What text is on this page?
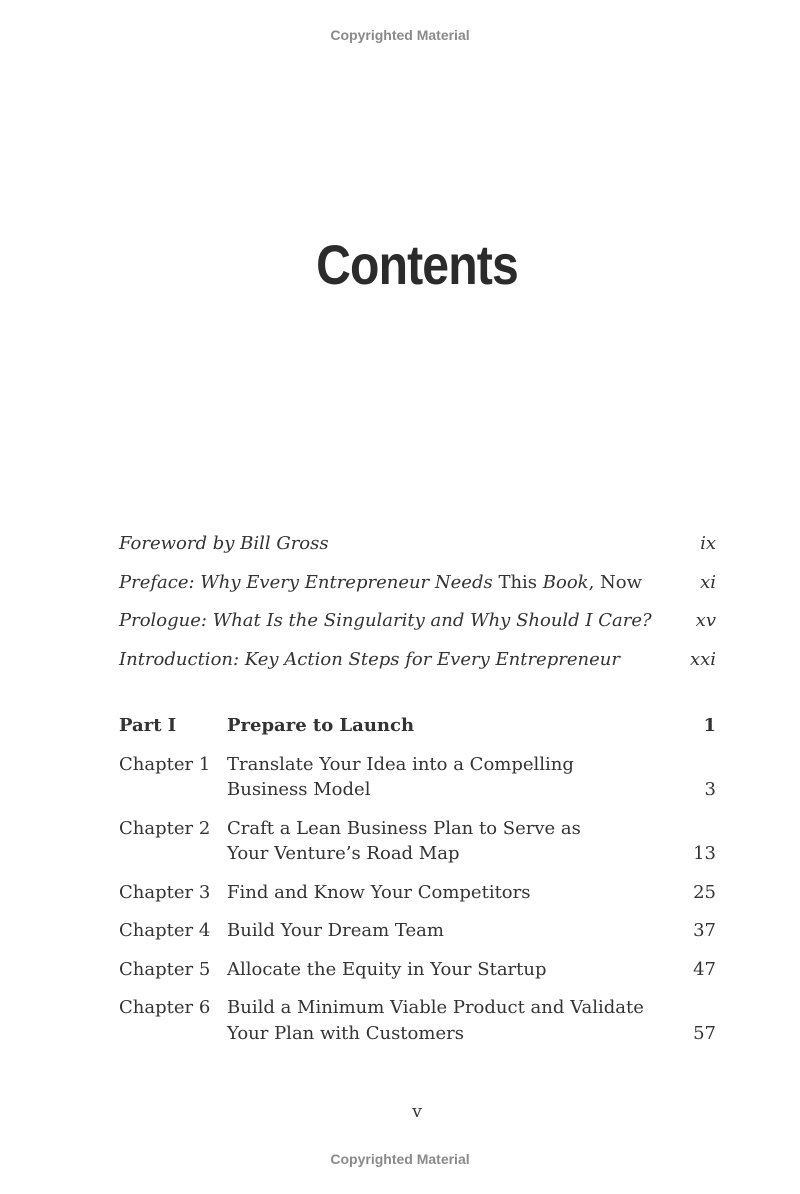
Copyrighted Material
Contents
Foreword by Bill Gross	ix
Preface: Why Every Entrepreneur Needs This Book, Now	xi
Prologue: What Is the Singularity and Why Should I Care? xv
Introduction: Key Action Steps for Every Entrepreneur	xxi
Part I	Prepare to Launch	1
Chapter 1 Translate Your Idea into a Compelling
Business Model	3
Chapter 2 Craft a Lean Business Plan to Serve as
Your Venture’s Road Map	13
Chapter 3 Find and Know Your Competitors	25
Chapter 4 Build Your Dream Team	37
Chapter 5 Allocate the Equity in Your Startup	47
Chapter 6 Build a Minimum Viable Product and Validate
Your Plan with Customers	57
v
Copyrighted Material
